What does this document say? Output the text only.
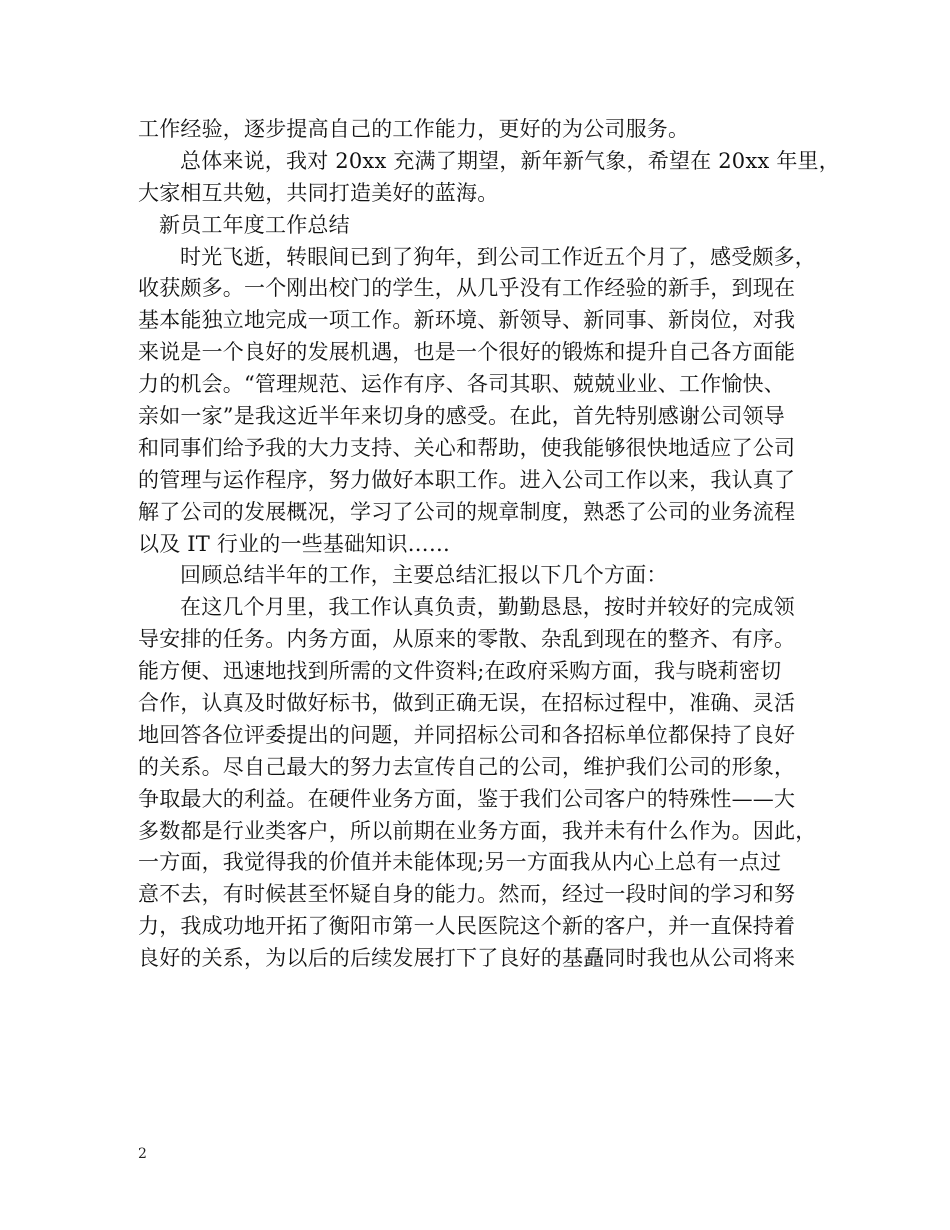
工作经验，逐步提高自己的工作能力，更好的为公司服务。
总体来说，我对 20xx 充满了期望，新年新气象，希望在 20xx 年里，
大家相互共勉，共同打造美好的蓝海。
新员工年度工作总结
时光飞逝，转眼间已到了狗年，到公司工作近五个月了，感受颇多，
收获颇多。一个刚出校门的学生，从几乎没有工作经验的新手，到现在
基本能独立地完成一项工作。新环境、新领导、新同事、新岗位，对我
来说是一个良好的发展机遇，也是一个很好的锻炼和提升自己各方面能
力的机会。“管理规范、运作有序、各司其职、兢兢业业、工作愉快、
亲如一家”是我这近半年来切身的感受。在此，首先特别感谢公司领导
和同事们给予我的大力支持、关心和帮助，使我能够很快地适应了公司
的管理与运作程序，努力做好本职工作。进入公司工作以来，我认真了
解了公司的发展概况，学习了公司的规章制度，熟悉了公司的业务流程
以及 IT 行业的一些基础知识……
回顾总结半年的工作，主要总结汇报以下几个方面：
在这几个月里，我工作认真负责，勤勤恳恳，按时并较好的完成领
导安排的任务。内务方面，从原来的零散、杂乱到现在的整齐、有序。
能方便、迅速地找到所需的文件资料;在政府采购方面，我与晓莉密切
合作，认真及时做好标书，做到正确无误，在招标过程中，准确、灵活
地回答各位评委提出的问题，并同招标公司和各招标单位都保持了良好
的关系。尽自己最大的努力去宣传自己的公司，维护我们公司的形象，
争取最大的利益。在硬件业务方面，鉴于我们公司客户的特殊性——大
多数都是行业类客户，所以前期在业务方面，我并未有什么作为。因此，
一方面，我觉得我的价值并未能体现;另一方面我从内心上总有一点过
意不去，有时候甚至怀疑自身的能力。然而，经过一段时间的学习和努
力，我成功地开拓了衡阳市第一人民医院这个新的客户，并一直保持着
良好的关系，为以后的后续发展打下了良好的基矗同时我也从公司将来
2
